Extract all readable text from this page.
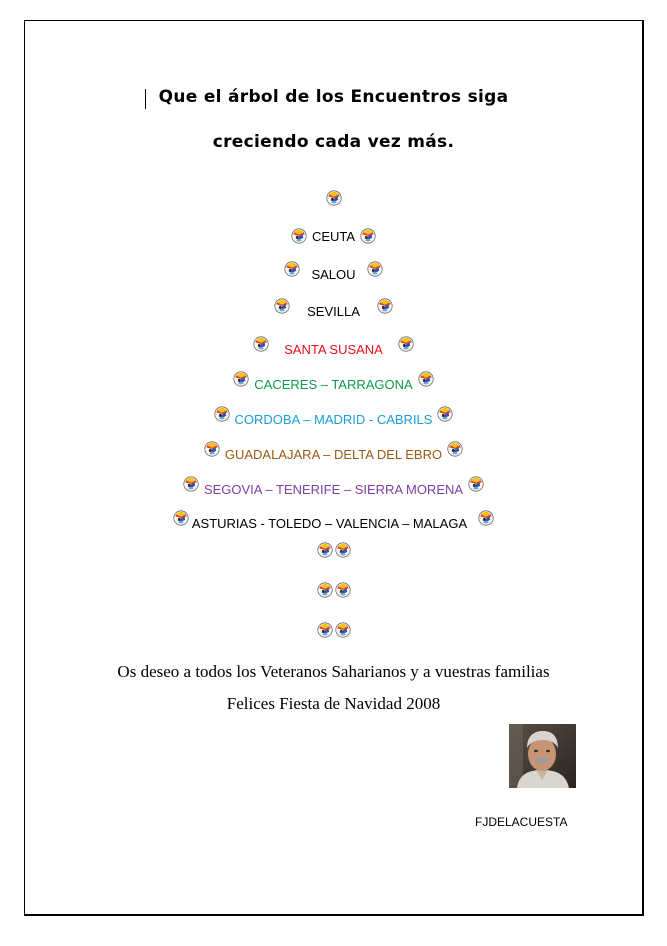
Que el árbol de los Encuentros siga

creciendo cada vez más.

CEUTA
SALOU
SEVILLA
SANTA SUSANA
CACERES – TARRAGONA
CORDOBA – MADRID - CABRILS
GUADALAJARA – DELTA DEL EBRO
SEGOVIA – TENERIFE – SIERRA MORENA
ASTURIAS - TOLEDO – VALENCIA – MALAGA

Os deseo a todos los Veteranos Saharianos y a vuestras familias

Felices Fiesta de Navidad 2008

FJDELACUESTA
